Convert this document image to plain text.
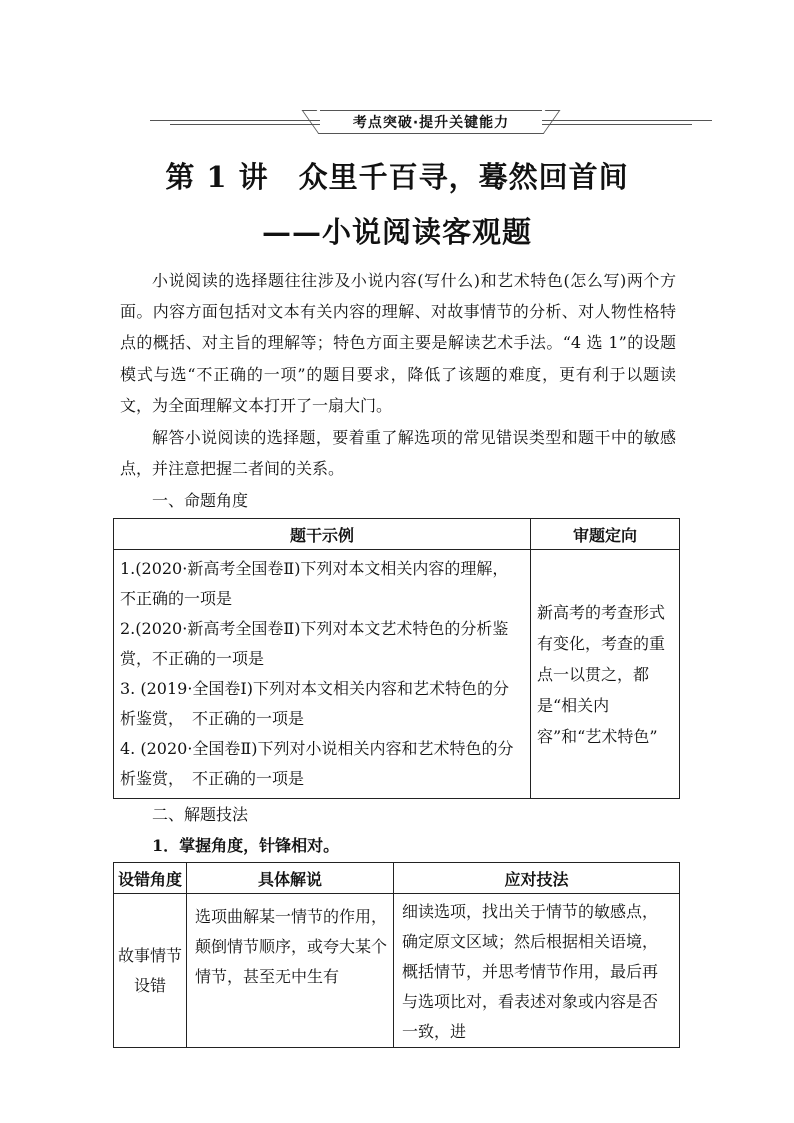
考点突破·提升关键能力
第 1 讲　众里千百寻，蓦然回首间
——小说阅读客观题

小说阅读的选择题往往涉及小说内容(写什么)和艺术特色(怎么写)两个方面。内容方面包括对文本有关内容的理解、对故事情节的分析、对人物性格特点的概括、对主旨的理解等；特色方面主要是解读艺术手法。“4 选 1”的设题模式与选“不正确的一项”的题目要求，降低了该题的难度，更有利于以题读文，为全面理解文本打开了一扇大门。

解答小说阅读的选择题，要着重了解选项的常见错误类型和题干中的敏感点，并注意把握二者间的关系。

一、命题角度
题干示例	审题定向

1.(2020·新高考全国卷Ⅱ)下列对本文相关内容的理解，不正确的一项是
2.(2020·新高考全国卷Ⅱ)下列对本文艺术特色的分析鉴赏，不正确的一项是
3. (2019·全国卷Ⅰ)下列对本文相关内容和艺术特色的分析鉴赏，　不正确的一项是
4. (2020·全国卷Ⅱ)下列对小说相关内容和艺术特色的分析鉴赏，　不正确的一项是	新高考的考查形式有变化，考查的重点一以贯之，都是“相关内容”和“艺术特色”
二、解题技法
1．掌握角度，针锋相对。
设错角度	具体解说	应对技法
故事情节设错	选项曲解某一情节的作用，颠倒情节顺序，或夸大某个情节，甚至无中生有	细读选项，找出关于情节的敏感点，确定原文区域；然后根据相关语境，概括情节，并思考情节作用，最后再与选项比对，看表述对象或内容是否一致，进
